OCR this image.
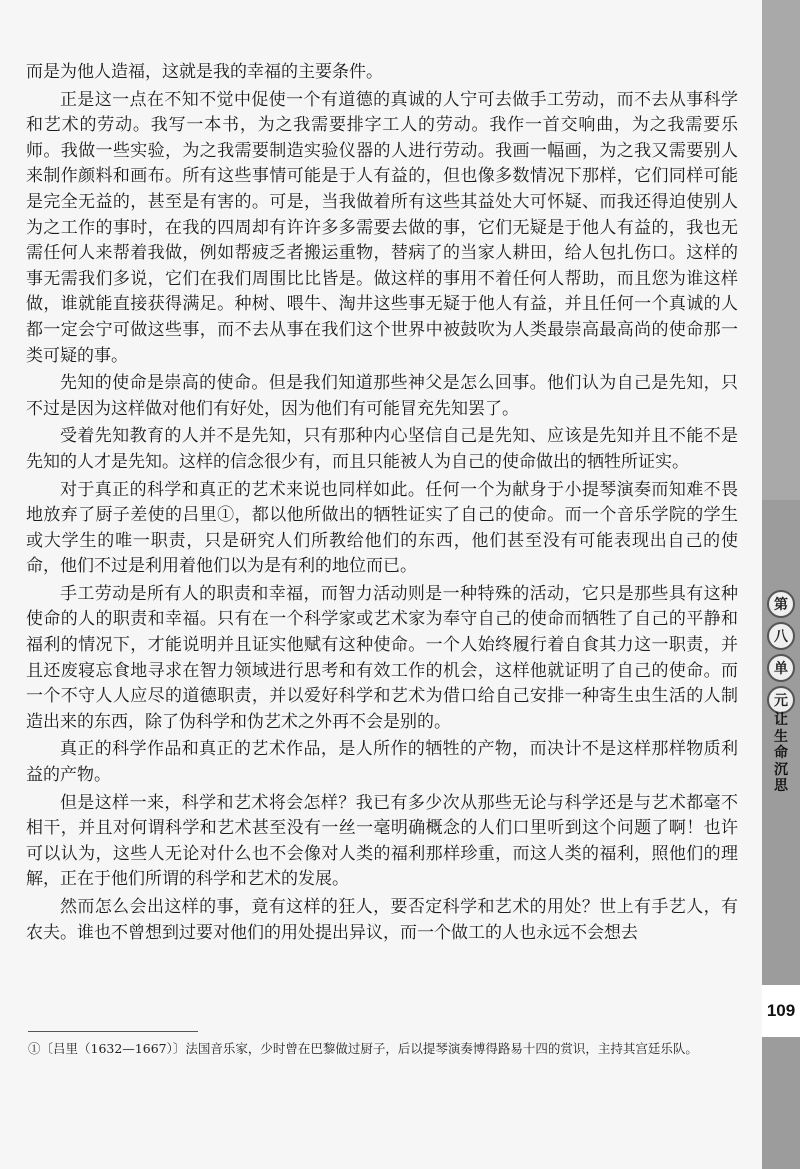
而是为他人造福，这就是我的幸福的主要条件。

正是这一点在不知不觉中促使一个有道德的真诚的人宁可去做手工劳动，而不去从事科学和艺术的劳动。我写一本书，为之我需要排字工人的劳动。我作一首交响曲，为之我需要乐师。我做一些实验，为之我需要制造实验仪器的人进行劳动。我画一幅画，为之我又需要别人来制作颜料和画布。所有这些事情可能是于人有益的，但也像多数情况下那样，它们同样可能是完全无益的，甚至是有害的。可是，当我做着所有这些其益处大可怀疑、而我还得迫使别人为之工作的事时，在我的四周却有许许多多需要去做的事，它们无疑是于他人有益的，我也无需任何人来帮着我做，例如帮疲乏者搬运重物，替病了的当家人耕田，给人包扎伤口。这样的事无需我们多说，它们在我们周围比比皆是。做这样的事用不着任何人帮助，而且您为谁这样做，谁就能直接获得满足。种树、喂牛、淘井这些事无疑于他人有益，并且任何一个真诚的人都一定会宁可做这些事，而不去从事在我们这个世界中被鼓吹为人类最崇高最高尚的使命那一类可疑的事。

先知的使命是崇高的使命。但是我们知道那些神父是怎么回事。他们认为自己是先知，只不过是因为这样做对他们有好处，因为他们有可能冒充先知罢了。

受着先知教育的人并不是先知，只有那种内心坚信自己是先知、应该是先知并且不能不是先知的人才是先知。这样的信念很少有，而且只能被人为自己的使命做出的牺牲所证实。

对于真正的科学和真正的艺术来说也同样如此。任何一个为献身于小提琴演奏而知难不畏地放弃了厨子差使的吕里①，都以他所做出的牺牲证实了自己的使命。而一个音乐学院的学生或大学生的唯一职责，只是研究人们所教给他们的东西，他们甚至没有可能表现出自己的使命，他们不过是利用着他们以为是有利的地位而已。

手工劳动是所有人的职责和幸福，而智力活动则是一种特殊的活动，它只是那些具有这种使命的人的职责和幸福。只有在一个科学家或艺术家为奉守自己的使命而牺牲了自己的平静和福利的情况下，才能说明并且证实他赋有这种使命。一个人始终履行着自食其力这一职责，并且还废寝忘食地寻求在智力领域进行思考和有效工作的机会，这样他就证明了自己的使命。而一个不守人人应尽的道德职责，并以爱好科学和艺术为借口给自己安排一种寄生虫生活的人制造出来的东西，除了伪科学和伪艺术之外再不会是别的。

真正的科学作品和真正的艺术作品，是人所作的牺牲的产物，而决计不是这样那样物质利益的产物。

但是这样一来，科学和艺术将会怎样？我已有多少次从那些无论与科学还是与艺术都毫不相干，并且对何谓科学和艺术甚至没有一丝一毫明确概念的人们口里听到这个问题了啊！也许可以认为，这些人无论对什么也不会像对人类的福利那样珍重，而这人类的福利，照他们的理解，正在于他们所谓的科学和艺术的发展。

然而怎么会出这样的事，竟有这样的狂人，要否定科学和艺术的用处？世上有手艺人，有农夫。谁也不曾想到过要对他们的用处提出异议，而一个做工的人也永远不会想去

①〔吕里（1632—1667）〕法国音乐家，少时曾在巴黎做过厨子，后以提琴演奏博得路易十四的赏识，主持其宫廷乐队。
第
八
单
元
让
生
命
沉
思
109
